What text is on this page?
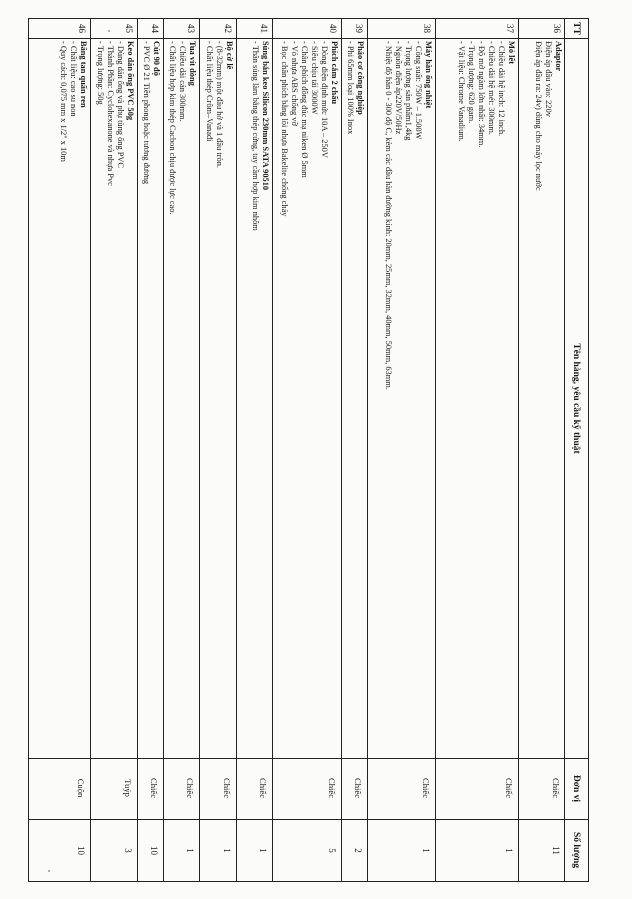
TT
Tên hàng, yêu cầu kỹ thuật
Đơn vị
Số lượng
36
Adaptor
Điện áp đầu vào: 220v
Điện áp đầu ra: 24v) dùng cho máy lọc nước
Chiếc
11
37
Mỏ lết
- Chiều dài hệ inch: 12 inch.
- Chiều dài hệ mét: 300mm.
- Độ mở ngàm lớn nhất: 34mm.
- Trọng lượng: 620 gam.
- Vật liệu: Chrome Vanadium.
Chiếc
1
38
Máy hàn ống nhiệt
- Công suất: 750W – 1.500W
- Trọng lượng sản phẩm1,4kg
- Nguồn điện áp220V/50Hz
- Nhiệt độ hàn 0 - 300 độ C, kèm các đầu hàn đường kính: 20mm, 25mm, 32mm, 40mm, 50mm, 63mm.
Chiếc
1
39
Pháo cơ công nghiệp
- Phi 65mm loại 100% Inox
Chiếc
2
40
Phích cắm 2 chấu
- Dòng điện định mức 10A – 250V
- Siêu chịu tải 3000W
- Chân phích đồng đúc mạ niken Ø 5mm
- Vỏ nhựa ABS chống vỡ
- Bọc chân phích bằng lõi nhựa Bakelite chống cháy
Chiếc
5
41
Súng bắn keo Silicon 230mm SATA 90510
- Thân súng làm bằng thép cứng, tay cầm hợp kim nhôm
Chiếc
1
42
Bộ cờ lê
- (8-32mm) một đầu hở và 1 đầu tròn.
- Chất liệu thép Crôm–Vanađi
Chiếc
1
43
Tua vít dòng
- Chiều dài cán 300mm.
- Chất liệu hợp kim thép Cacbon chịu được lực cao.
Chiếc
1
44
Cút 90 độ
- PVC Ø 21 Tiền phong hoặc tương đương
Chiếc
10
45
Keo dán ống PVC 50g
- Dùng dán ống và phụ tùng ống PVC
- Thành Phần: Cyclohexanone và nhựa Pvc
- Trọng lượng: 50g
Tuýp
3
46
Băng tan quấn ren
- Chất liệu: cao su non
- Quy cách: 0,075 mm x 1/2" x 10m
Cuộn
10
